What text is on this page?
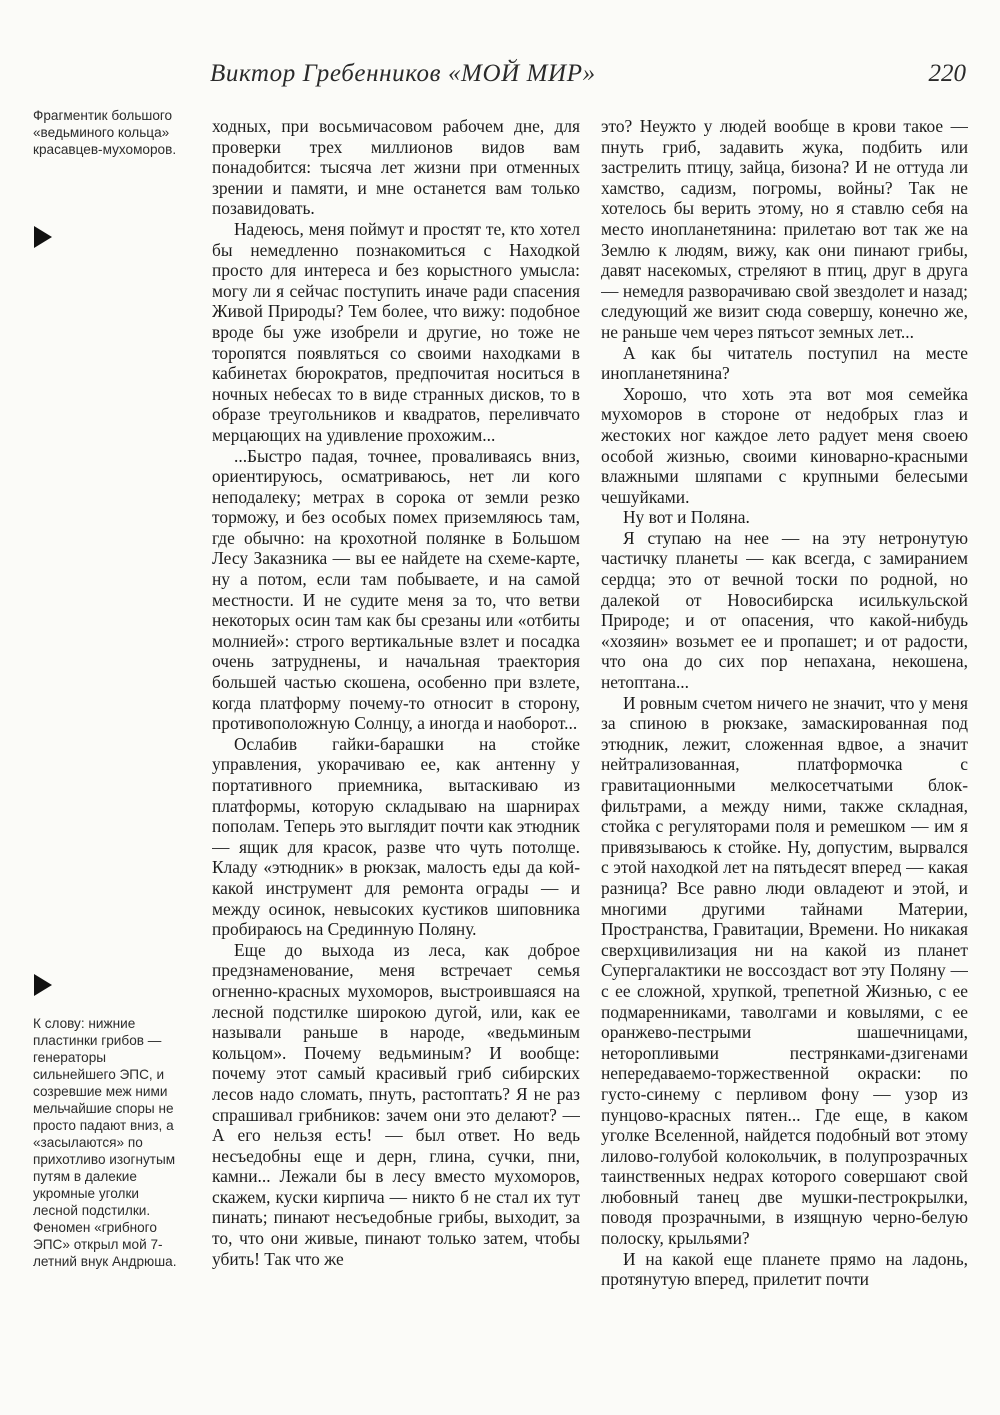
Виктор Гребенников «МОЙ МИР»	220
Фрагментик большого «ведьминого кольца» красавцев-мухоморов.
К слову: нижние пластинки грибов — генераторы сильнейшего ЭПС, и созревшие меж ними мельчайшие споры не просто падают вниз, а «засылаются» по прихотливо изогнутым путям в далекие укромные уголки лесной подстилки. Феномен «грибного ЭПС» открыл мой 7-летний внук Андрюша.

ходных, при восьмичасовом рабочем дне, для проверки трех миллионов видов вам понадобится: тысяча лет жизни при отменных зрении и памяти, и мне останется вам только позавидовать.

Надеюсь, меня поймут и простят те, кто хотел бы немедленно познакомиться с Находкой просто для интереса и без корыстного умысла: могу ли я сейчас поступить иначе ради спасения Живой Природы? Тем более, что вижу: подобное вроде бы уже изобрели и другие, но тоже не торопятся появляться со своими находками в кабинетах бюрократов, предпочитая носиться в ночных небесах то в виде странных дисков, то в образе треугольников и квадратов, переливчато мерцающих на удивление прохожим...

...Быстро падая, точнее, проваливаясь вниз, ориентируюсь, осматриваюсь, нет ли кого неподалеку; метрах в сорока от земли резко торможу, и без особых помех приземляюсь там, где обычно: на крохотной полянке в Большом Лесу Заказника — вы ее найдете на схеме-карте, ну а потом, если там побываете, и на самой местности. И не судите меня за то, что ветви некоторых осин там как бы срезаны или «отбиты молнией»: строго вертикальные взлет и посадка очень затруднены, и начальная траектория большей частью скошена, особенно при взлете, когда платформу почему-то относит в сторону, противоположную Солнцу, а иногда и наоборот...

Ослабив гайки-барашки на стойке управления, укорачиваю ее, как антенну у портативного приемника, вытаскиваю из платформы, которую складываю на шарнирах пополам. Теперь это выглядит почти как этюдник — ящик для красок, разве что чуть потолще. Кладу «этюдник» в рюкзак, малость еды да кой-какой инструмент для ремонта ограды — и между осинок, невысоких кустиков шиповника пробираюсь на Срединную Поляну.

Еще до выхода из леса, как доброе предзнаменование, меня встречает семья огненно-красных мухоморов, выстроившаяся на лесной подстилке широкою дугой, или, как ее называли раньше в народе, «ведьминым кольцом». Почему ведьминым? И вообще: почему этот самый красивый гриб сибирских лесов надо сломать, пнуть, растоптать? Я не раз спрашивал грибников: зачем они это делают? — А его нельзя есть! — был ответ. Но ведь несъедобны еще и дерн, глина, сучки, пни, камни... Лежали бы в лесу вместо мухоморов, скажем, куски кирпича — никто б не стал их тут пинать; пинают несъедобные грибы, выходит, за то, что они живые, пинают только затем, чтобы убить! Так что же

это? Неужто у людей вообще в крови такое — пнуть гриб, задавить жука, подбить или застрелить птицу, зайца, бизона? И не оттуда ли хамство, садизм, погромы, войны? Так не хотелось бы верить этому, но я ставлю себя на место инопланетянина: прилетаю вот так же на Землю к людям, вижу, как они пинают грибы, давят насекомых, стреляют в птиц, друг в друга — немедля разворачиваю свой звездолет и назад; следующий же визит сюда совершу, конечно же, не раньше чем через пятьсот земных лет...

А как бы читатель поступил на месте инопланетянина?

Хорошо, что хоть эта вот моя семейка мухоморов в стороне от недобрых глаз и жестоких ног каждое лето радует меня своею особой жизнью, своими киноварно-красными влажными шляпами с крупными белесыми чешуйками.

Ну вот и Поляна.

Я ступаю на нее — на эту нетронутую частичку планеты — как всегда, с замиранием сердца; это от вечной тоски по родной, но далекой от Новосибирска исилькульской Природе; и от опасения, что какой-нибудь «хозяин» возьмет ее и пропашет; и от радости, что она до сих пор непахана, некошена, нетоптана...

И ровным счетом ничего не значит, что у меня за спиною в рюкзаке, замаскированная под этюдник, лежит, сложенная вдвое, а значит нейтрализованная, платформочка с гравитационными мелкосетчатыми блок-фильтрами, а между ними, также складная, стойка с регуляторами поля и ремешком — им я привязываюсь к стойке. Ну, допустим, вырвался с этой находкой лет на пятьдесят вперед — какая разница? Все равно люди овладеют и этой, и многими другими тайнами Материи, Пространства, Гравитации, Времени. Но никакая сверхцивилизация ни на какой из планет Супергалактики не воссоздаст вот эту Поляну — с ее сложной, хрупкой, трепетной Жизнью, с ее подмаренниками, таволгами и ковылями, с ее оранжево-пестрыми шашечницами, неторопливыми пестрянками-дзигенами непередаваемо-торжественной окраски: по густо-синему с перливом фону — узор из пунцово-красных пятен... Где еще, в каком уголке Вселенной, найдется подобный вот этому лилово-голубой колокольчик, в полупрозрачных таинственных недрах которого совершают свой любовный танец две мушки-пестрокрылки, поводя прозрачными, в изящную черно-белую полоску, крыльями?

И на какой еще планете прямо на ладонь, протянутую вперед, прилетит почти
